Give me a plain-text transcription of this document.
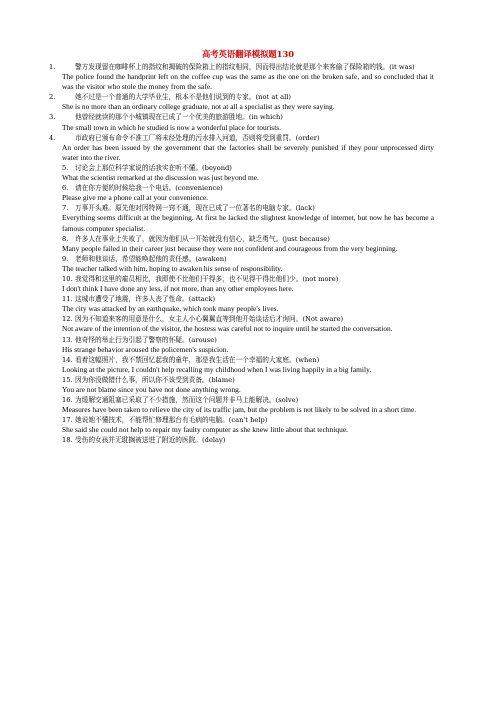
高考英语翻译模拟题130

1.	警方发现留在咖啡杯上的指纹和揭破的保险箱上的指纹相同，因而得出结论就是那个来客偷了保险箱的钱。(it was)

The police found the handprint left on the coffee cup was the same as the one on the broken safe, and so concluded that it was the visitor who stole the money from the safe.

2.	她不过是一个普通的大学毕业生，根本不是他们说到的专家。(not at all)

She is no more than an ordinary college graduate, not at all a specialist as they were saying.

3.	他曾经就读的那个小城镇现在已成了一个优美的旅游胜地。(in which)

The small town in which he studied is now a wonderful place for tourists.

4.	市政府已颁布命令不准工厂将未经处理的污水排入河道，否则将受到重罚。(order)

An order has been issued by the government that the factories shall be severely punished if they pour unprocessed dirty water into the river.

5. 讨论会上那位科学家说的话我实在听不懂。(beyond)

What the scientist remarked at the discussion was just beyond me.

6. 请在你方便的时候给我一个电话。(convenience)

Please give me a phone call at your convenience.

7. 万事开头难。原先他对因特网一窍不通，现在已成了一位著名的电脑专家。(lack)

Everything seems difficult at the beginning. At first he lacked the slightest knowledge of internet, but now he has become a famous computer specialist.

8. 许多人在事业上失败了，就因为他们从一开始就没有信心，缺乏勇气。(just because)

Many people failed in their career just because they were not confident and courageous from the very beginning.

9. 老师和他谈话，希望能唤起他的责任感。(awaken)

The teacher talked with him, hoping to awaken his sense of responsibility.

10. 我觉得和这里的雇员相比，我即使不比他们干得多，也不见得干得比他们少。(not more)

I don't think I have done any less, if not more, than any other employees here.

11. 这城市遭受了地震，许多人丧了性命。(attack)

The city was attacked by an earthquake, which took many people's lives.

12. 因为不知道来客的用意是什么，女主人小心翼翼直等到他开始谈话后才询问。(Not aware)

Not aware of the intention of the visitor, the hostess was careful not to inquire until he started the conversation.

13. 他奇怪的举止行为引起了警察的怀疑。(arouse)

His strange behavior aroused the policemen's suspicion.

14. 看着这幅照片，我不禁回忆起我的童年，那是我生活在一个幸福的大家庭。(when)

Looking at the picture, I couldn't help recalling my childhood when I was living happily in a big family.

15. 因为你没做错什么事，所以你不该受到责备。(blame)

You are not blame since you have not done anything wrong.

16. 为缓解交通阻塞已采取了不少措施，然而这个问题并非马上能解决。(solve)

Measures have been taken to relieve the city of its traffic jam, but the problem is not likely to be solved in a short time.

17. 她说她不懂技术，不能帮忙修理那台有毛病的电脑。(can't help)

She said she could not help to repair my faulty computer as she knew little about that technique.

18. 受伤的女孩并无耽搁被送进了附近的医院。(delay)
